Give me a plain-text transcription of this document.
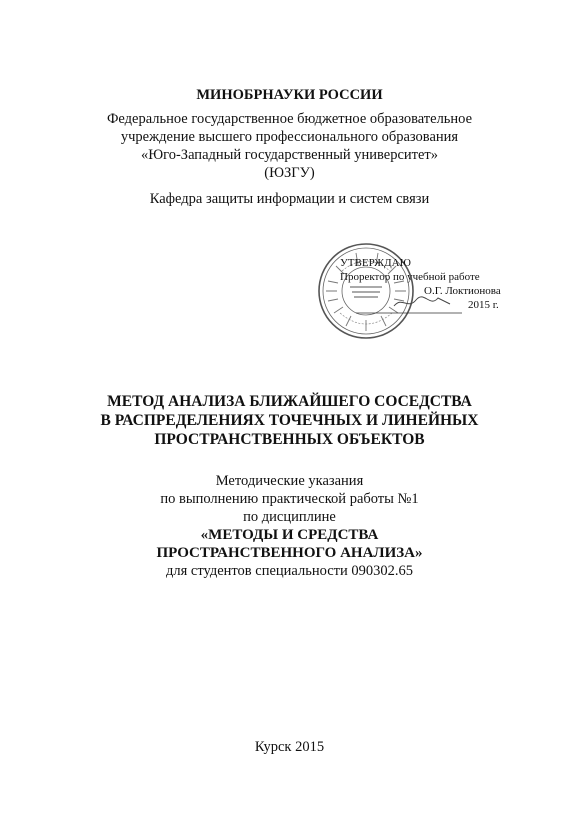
МИНОБРНАУКИ РОССИИ
Федеральное государственное бюджетное образовательное
учреждение высшего профессионального образования
«Юго-Западный государственный университет»
(ЮЗГУ)
Кафедра защиты информации и систем связи
УТВЕРЖДАЮ
Проректор по учебной работе
О.Г. Локтионова
2015 г.
МЕТОД АНАЛИЗА БЛИЖАЙШЕГО СОСЕДСТВА
В РАСПРЕДЕЛЕНИЯХ ТОЧЕЧНЫХ И ЛИНЕЙНЫХ
ПРОСТРАНСТВЕННЫХ ОБЪЕКТОВ
Методические указания
по выполнению практической работы №1
по дисциплине
«МЕТОДЫ И СРЕДСТВА
ПРОСТРАНСТВЕННОГО АНАЛИЗА»
для студентов специальности 090302.65
Курск 2015
